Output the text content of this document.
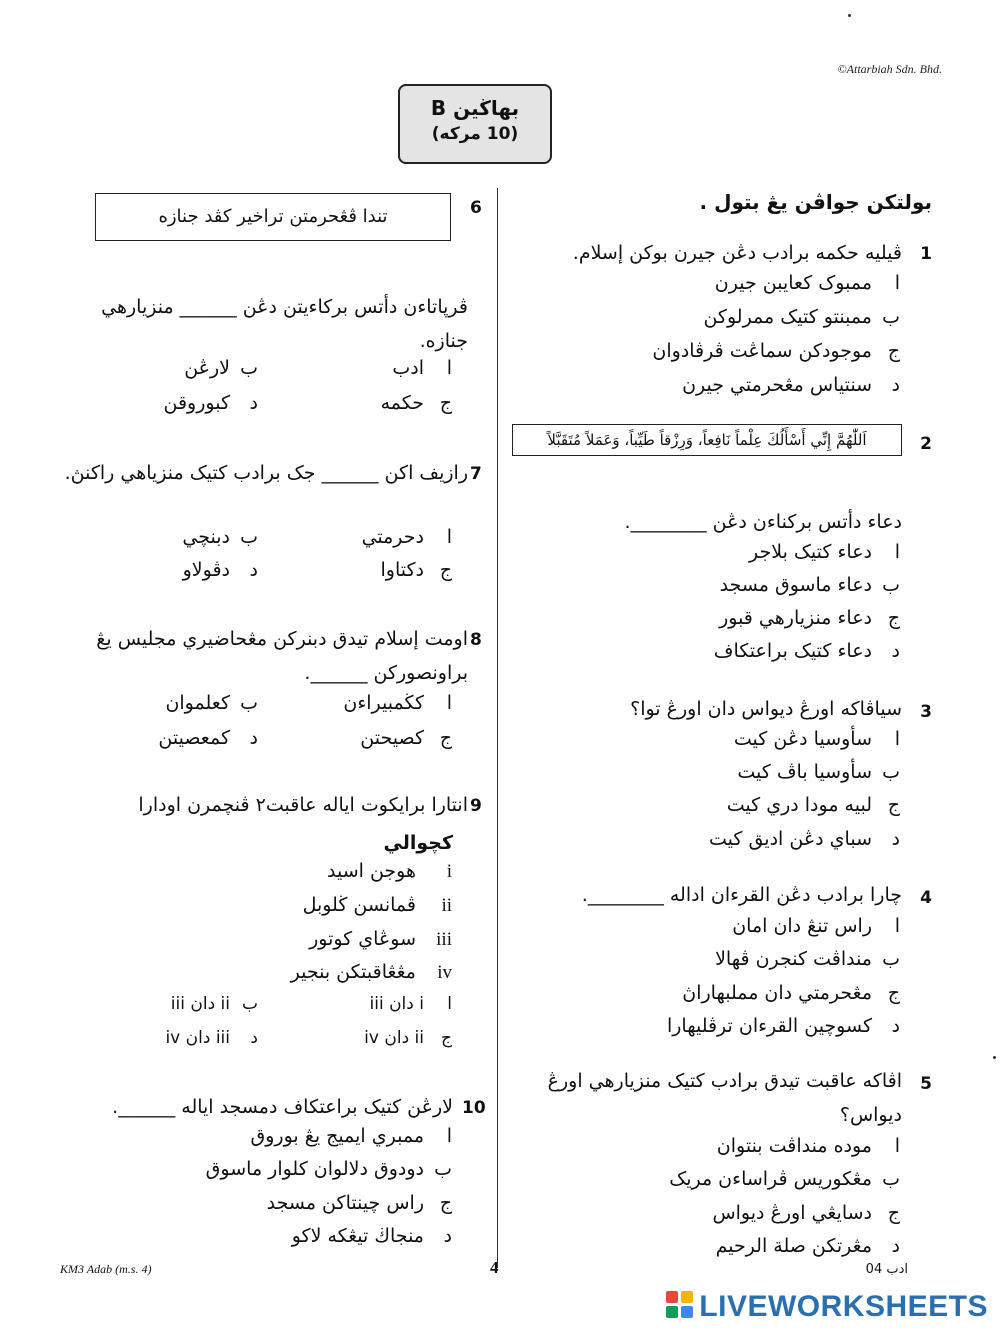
©Attarbiah Sdn. Bhd.
بهاڬين B
(10 مرکه)
بولتکن جواڤن يڠ بتول .
1
ڤيليه حکمه برادب دڠن جيرن بوکن إسلام.
اممبوک کعايبن جيرن
بممبنتو کتيک ممرلوکن
جموجودکن سماڠت ڤرڤادوان
دسنتياس مڠحرمتي جيرن
2
اَللّٰهُمَّ إِنِّي أَسْأَلُكَ عِلْماً نَافِعاً، وَرِزْقاً طَيِّباً، وَعَمَلاً مُتَقَبَّلاً
دعاء دأتس برکناءن دڠن ________.
ادعاء کتيک بلاجر
بدعاء ماسوق مسجد
جدعاء منزيارهي قبور
ددعاء کتيک براعتکاف
3
سياڤاکه اورڠ ديواس دان اورڠ توا؟
اسأوسيا دڠن کيت
بسأوسيا باڤ کيت
جلبيه مودا دري کيت
دسباي دڠن اديق کيت
4
چارا برادب دڠن القرءان اداله ________.
اراس تنڠ دان امان
بمنداڤت کنجرن ڤهالا
جمڠحرمتي دان مملبهاراڽ
دکسوچين القرءان ترڤليهارا
5
اڤاکه عاقبت تيدق برادب کتيک منزيارهي اورڠ ديواس؟
اموده منداڤت بنتوان
بمڠکوريس ڤراساءن مريک
جدسايڠي اورڠ ديواس
دمڠرتکن صلة الرحيم
6
تندا ڤڠحرمتن تراخير کڤد جنازه
ڤرڽاتاءن دأتس برکاءيتن دڠن ______ منزيارهي جنازه.
اادب
بلارڠن
جحکمه
دکبوروقن
7
رازيف اکن ______ جک برادب کتيک منزياهي راکنڽ.
ادحرمتي
بدبنچي
جدکتاوا
ددڤولاو
8
اومت إسلام تيدق دبنرکن مڠحاضيري مجليس يڠ براونصورکن ______.
اکڬمبيراءن
بکعلموان
جکصيحتن
دکمعصيتن
9
انتارا برايکوت اياله عاقبت٢ ڤنچمرن اودارا
کچوالي
iهوجن اسيد
iiڤمانسن ڬلوبل
iiiسوڠاي کوتور
ivمڠڠاقبتکن بنجير
اi دان iii
بii دان iii
جii دان iv
دiii دان iv
10
لارڠن کتيک براعتکاف دمسجد اياله ______.
اممبري ايميج يڠ بوروق
بدودوق دلالوان کلوار ماسوق
جراس چينتاکن مسجد
دمنجاڬ تيڠکه لاکو
KM3 Adab (m.s. 4)	4	ادب 04
LIVEWORKSHEETS
